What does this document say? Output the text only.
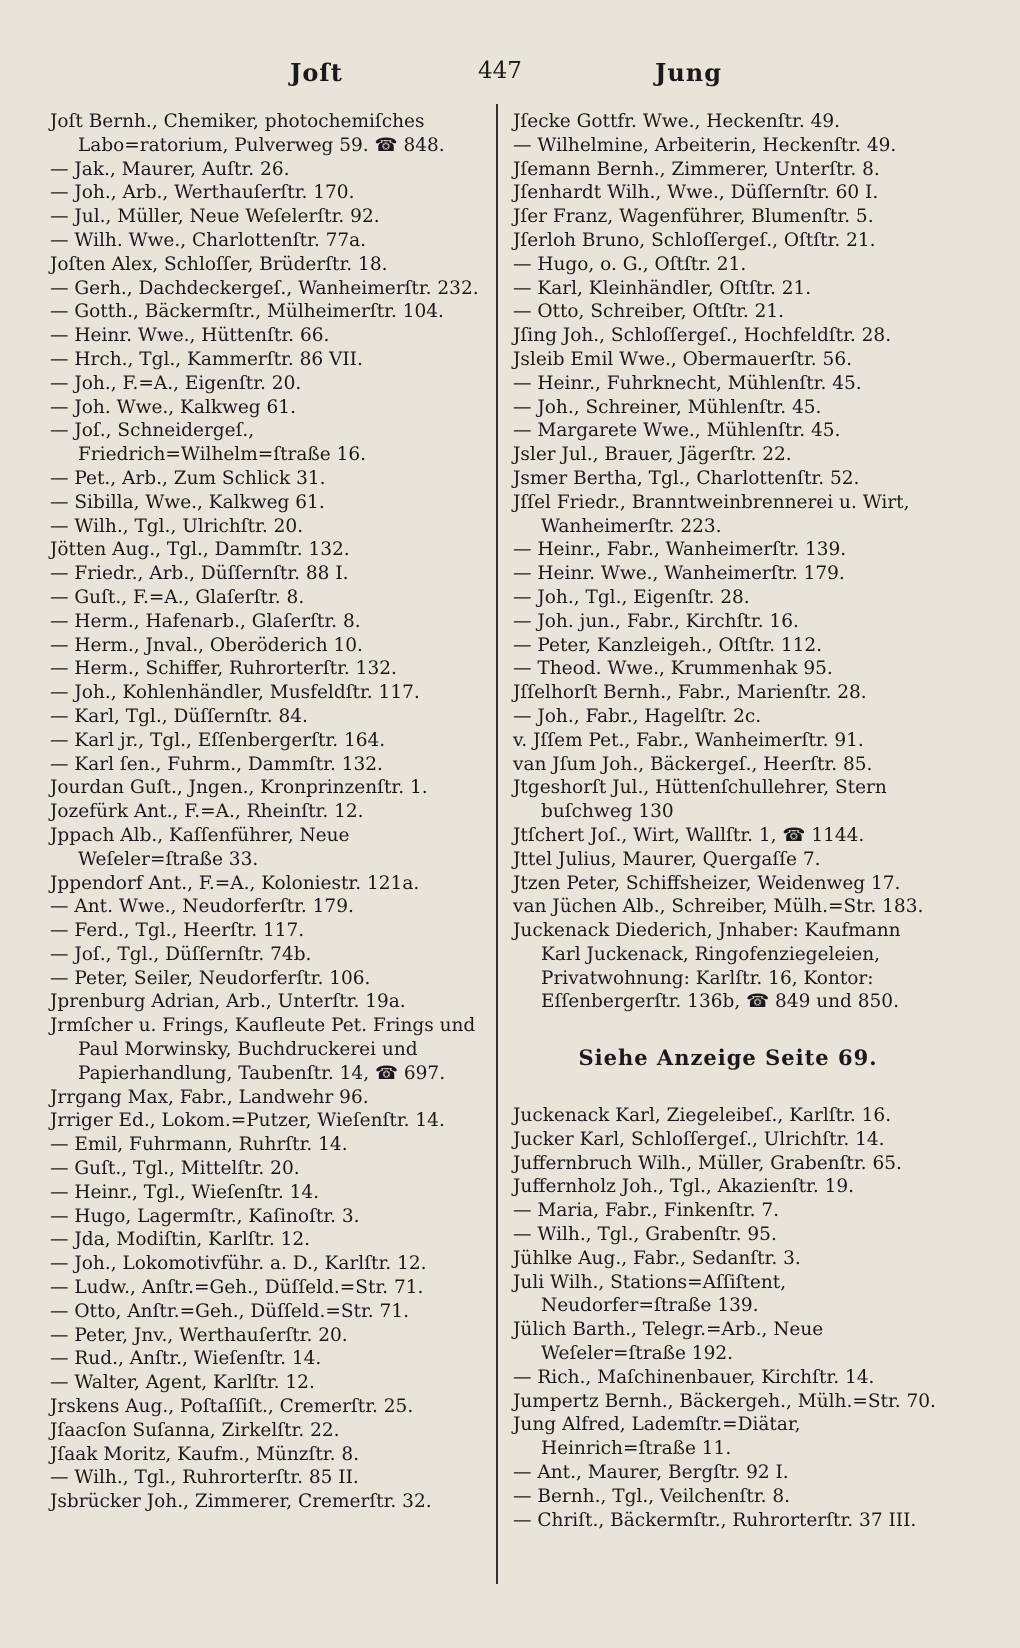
Joſt	447	Jung
Joſt Bernh., Chemiker, photochemiſches Labo=ratorium, Pulverweg 59. ☎ 848.
— Jak., Maurer, Auſtr. 26.
— Joh., Arb., Werthauſerſtr. 170.
— Jul., Müller, Neue Weſelerſtr. 92.
— Wilh. Wwe., Charlottenſtr. 77a.
Joſten Alex, Schloſſer, Brüderſtr. 18.
— Gerh., Dachdeckergeſ., Wanheimerſtr. 232.
— Gotth., Bäckermſtr., Mülheimerſtr. 104.
— Heinr. Wwe., Hüttenſtr. 66.
— Hrch., Tgl., Kammerſtr. 86 VII.
— Joh., F.=A., Eigenſtr. 20.
— Joh. Wwe., Kalkweg 61.
— Joſ., Schneidergeſ., Friedrich=Wilhelm=ſtraße 16.
— Pet., Arb., Zum Schlick 31.
— Sibilla, Wwe., Kalkweg 61.
— Wilh., Tgl., Ulrichſtr. 20.
Jötten Aug., Tgl., Dammſtr. 132.
— Friedr., Arb., Düſſernſtr. 88 I.
— Guſt., F.=A., Glaſerſtr. 8.
— Herm., Hafenarb., Glaſerſtr. 8.
— Herm., Jnval., Oberöderich 10.
— Herm., Schiffer, Ruhrorterſtr. 132.
— Joh., Kohlenhändler, Musfeldſtr. 117.
— Karl, Tgl., Düſſernſtr. 84.
— Karl jr., Tgl., Eſſenbergerſtr. 164.
— Karl ſen., Fuhrm., Dammſtr. 132.
Jourdan Guſt., Jngen., Kronprinzenſtr. 1.
Jozefürk Ant., F.=A., Rheinſtr. 12.
Jppach Alb., Kaſſenführer, Neue Weſeler=ſtraße 33.
Jppendorf Ant., F.=A., Koloniestr. 121a.
— Ant. Wwe., Neudorferſtr. 179.
— Ferd., Tgl., Heerſtr. 117.
— Joſ., Tgl., Düſſernſtr. 74b.
— Peter, Seiler, Neudorferſtr. 106.
Jprenburg Adrian, Arb., Unterſtr. 19a.
Jrmſcher u. Frings, Kaufleute Pet. Frings und Paul Morwinsky, Buchdruckerei und Papierhandlung, Taubenſtr. 14, ☎ 697.
Jrrgang Max, Fabr., Landwehr 96.
Jrriger Ed., Lokom.=Putzer, Wieſenſtr. 14.
— Emil, Fuhrmann, Ruhrſtr. 14.
— Guſt., Tgl., Mittelſtr. 20.
— Heinr., Tgl., Wieſenſtr. 14.
— Hugo, Lagermſtr., Kaſinoſtr. 3.
— Jda, Modiſtin, Karlſtr. 12.
— Joh., Lokomotivführ. a. D., Karlſtr. 12.
— Ludw., Anſtr.=Geh., Düſſeld.=Str. 71.
— Otto, Anſtr.=Geh., Düſſeld.=Str. 71.
— Peter, Jnv., Werthauſerſtr. 20.
— Rud., Anſtr., Wieſenſtr. 14.
— Walter, Agent, Karlſtr. 12.
Jrskens Aug., Poſtaſſiſt., Cremerſtr. 25.
Jſaacſon Suſanna, Zirkelſtr. 22.
Jſaak Moritz, Kaufm., Münzſtr. 8.
— Wilh., Tgl., Ruhrorterſtr. 85 II.
Jsbrücker Joh., Zimmerer, Cremerſtr. 32.
Jſecke Gottfr. Wwe., Heckenſtr. 49.
— Wilhelmine, Arbeiterin, Heckenſtr. 49.
Jſemann Bernh., Zimmerer, Unterſtr. 8.
Jſenhardt Wilh., Wwe., Düſſernſtr. 60 I.
Jſer Franz, Wagenführer, Blumenſtr. 5.
Jſerloh Bruno, Schloſſergeſ., Oſtſtr. 21.
— Hugo, o. G., Oſtſtr. 21.
— Karl, Kleinhändler, Oſtſtr. 21.
— Otto, Schreiber, Oſtſtr. 21.
Jſing Joh., Schloſſergeſ., Hochfeldſtr. 28.
Jsleib Emil Wwe., Obermauerſtr. 56.
— Heinr., Fuhrknecht, Mühlenſtr. 45.
— Joh., Schreiner, Mühlenſtr. 45.
— Margarete Wwe., Mühlenſtr. 45.
Jsler Jul., Brauer, Jägerſtr. 22.
Jsmer Bertha, Tgl., Charlottenſtr. 52.
Jſſel Friedr., Branntweinbrennerei u. Wirt, Wanheimerſtr. 223.
— Heinr., Fabr., Wanheimerſtr. 139.
— Heinr. Wwe., Wanheimerſtr. 179.
— Joh., Tgl., Eigenſtr. 28.
— Joh. jun., Fabr., Kirchſtr. 16.
— Peter, Kanzleigeh., Oſtſtr. 112.
— Theod. Wwe., Krummenhak 95.
Jſſelhorſt Bernh., Fabr., Marienſtr. 28.
— Joh., Fabr., Hagelſtr. 2c.
v. Jſſem Pet., Fabr., Wanheimerſtr. 91.
van Jſum Joh., Bäckergeſ., Heerſtr. 85.
Jtgeshorſt Jul., Hüttenſchullehrer, Stern buſchweg 130
Jtſchert Joſ., Wirt, Wallſtr. 1, ☎ 1144.
Jttel Julius, Maurer, Quergaſſe 7.
Jtzen Peter, Schiffsheizer, Weidenweg 17.
van Jüchen Alb., Schreiber, Mülh.=Str. 183.
Juckenack Diederich, Jnhaber: Kaufmann Karl Juckenack, Ringofenziegeleien, Privatwohnung: Karlſtr. 16, Kontor: Eſſenbergerſtr. 136b, ☎ 849 und 850.
Siehe Anzeige Seite 69.
Juckenack Karl, Ziegeleibeſ., Karlſtr. 16.
Jucker Karl, Schloſſergeſ., Ulrichſtr. 14.
Juffernbruch Wilh., Müller, Grabenſtr. 65.
Juffernholz Joh., Tgl., Akazienſtr. 19.
— Maria, Fabr., Finkenſtr. 7.
— Wilh., Tgl., Grabenſtr. 95.
Jühlke Aug., Fabr., Sedanſtr. 3.
Juli Wilh., Stations=Aſſiſtent, Neudorfer=ſtraße 139.
Jülich Barth., Telegr.=Arb., Neue Weſeler=ſtraße 192.
— Rich., Maſchinenbauer, Kirchſtr. 14.
Jumpertz Bernh., Bäckergeh., Mülh.=Str. 70.
Jung Alfred, Lademſtr.=Diätar, Heinrich=ſtraße 11.
— Ant., Maurer, Bergſtr. 92 I.
— Bernh., Tgl., Veilchenſtr. 8.
— Chriſt., Bäckermſtr., Ruhrorterſtr. 37 III.
